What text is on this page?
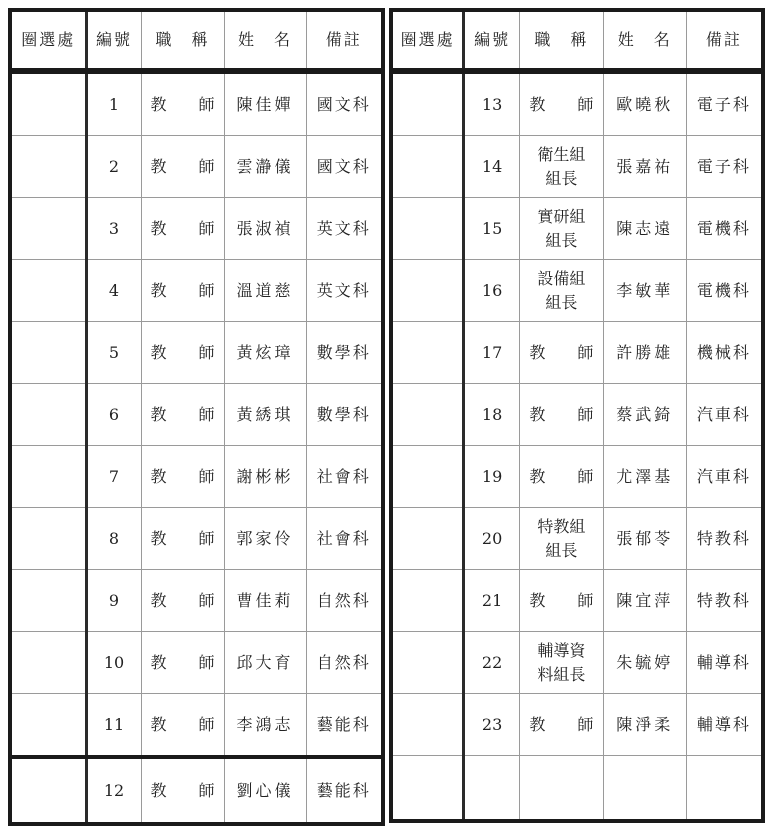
圈選處	編號	職　稱	姓　名	備註
	1	教　　師	陳佳嬋	國文科
	2	教　　師	雲瀞儀	國文科
	3	教　　師	張淑禎	英文科
	4	教　　師	溫道慈	英文科
	5	教　　師	黃炫璋	數學科
	6	教　　師	黃綉琪	數學科
	7	教　　師	謝彬彬	社會科
	8	教　　師	郭家伶	社會科
	9	教　　師	曹佳莉	自然科
	10	教　　師	邱大育	自然科
	11	教　　師	李鴻志	藝能科
	12	教　　師	劉心儀	藝能科
圈選處	編號	職　稱	姓　名	備註
	13	教　　師	歐曉秋	電子科
	14	衛生組
組長	張嘉祐	電子科
	15	實研組
組長	陳志遠	電機科
	16	設備組
組長	李敏華	電機科
	17	教　　師	許勝雄	機械科
	18	教　　師	蔡武錡	汽車科
	19	教　　師	尤澤基	汽車科
	20	特教組
組長	張郁苓	特教科
	21	教　　師	陳宜萍	特教科
	22	輔導資
料組長	朱毓婷	輔導科
	23	教　　師	陳淨柔	輔導科
